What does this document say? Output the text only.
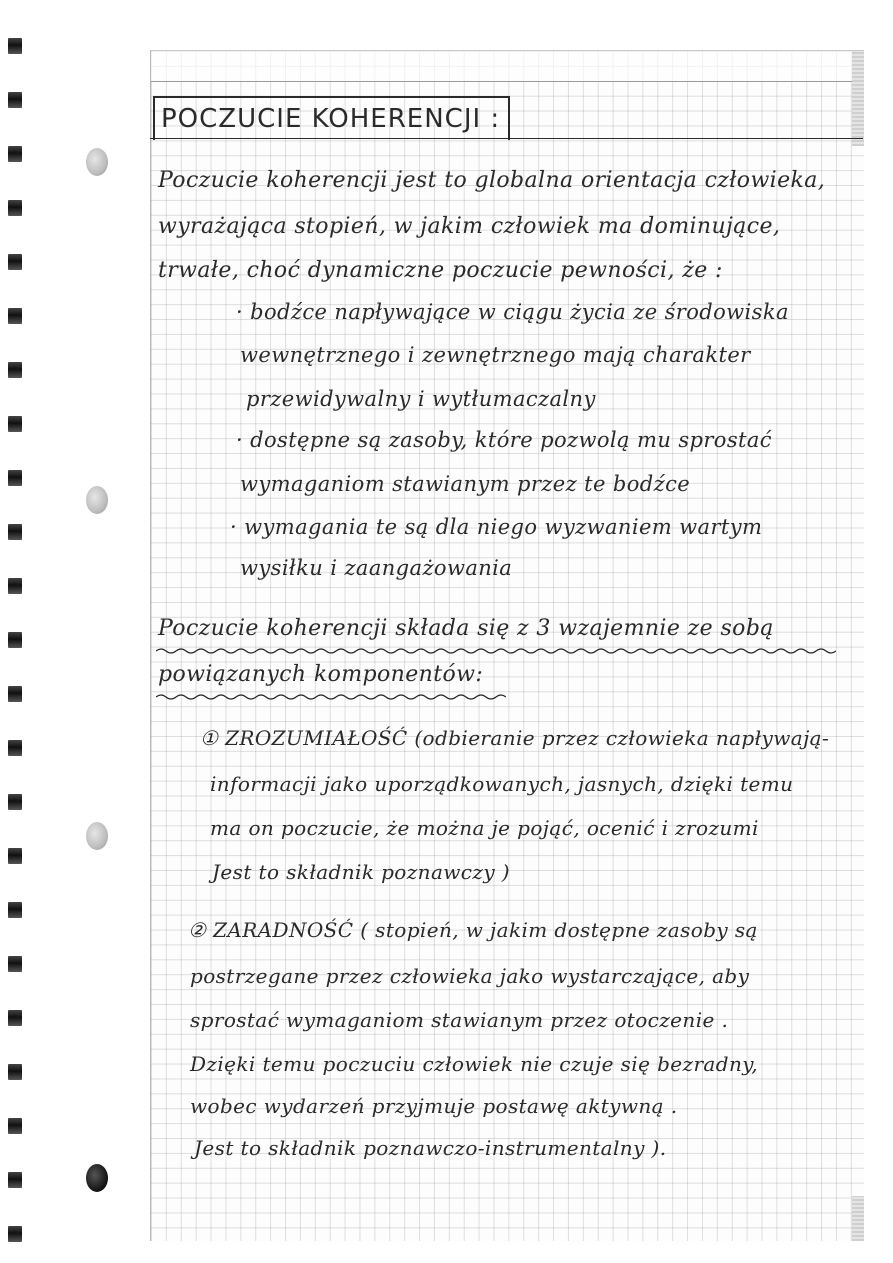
POCZUCIE KOHERENCJI :
Poczucie koherencji jest to globalna orientacja człowieka,
wyrażająca stopień, w jakim człowiek ma dominujące,
trwałe, choć dynamiczne poczucie pewności, że :
· bodźce napływające w ciągu życia ze środowiska
wewnętrznego i zewnętrznego mają charakter
przewidywalny i wytłumaczalny
· dostępne są zasoby, które pozwolą mu sprostać
wymaganiom stawianym przez te bodźce
· wymagania te są dla niego wyzwaniem wartym
wysiłku i zaangażowania
Poczucie koherencji składa się z 3 wzajemnie ze sobą
powiązanych komponentów:
① ZROZUMIAŁOŚĆ (odbieranie przez człowieka napływają-
informacji jako uporządkowanych, jasnych, dzięki temu
ma on poczucie, że można je pojąć, ocenić i zrozumi
Jest to składnik poznawczy )
② ZARADNOŚĆ ( stopień, w jakim dostępne zasoby są
postrzegane przez człowieka jako wystarczające, aby
sprostać wymaganiom stawianym przez otoczenie .
Dzięki temu poczuciu człowiek nie czuje się bezradny,
wobec wydarzeń przyjmuje postawę aktywną .
Jest to składnik poznawczo-instrumentalny ).
